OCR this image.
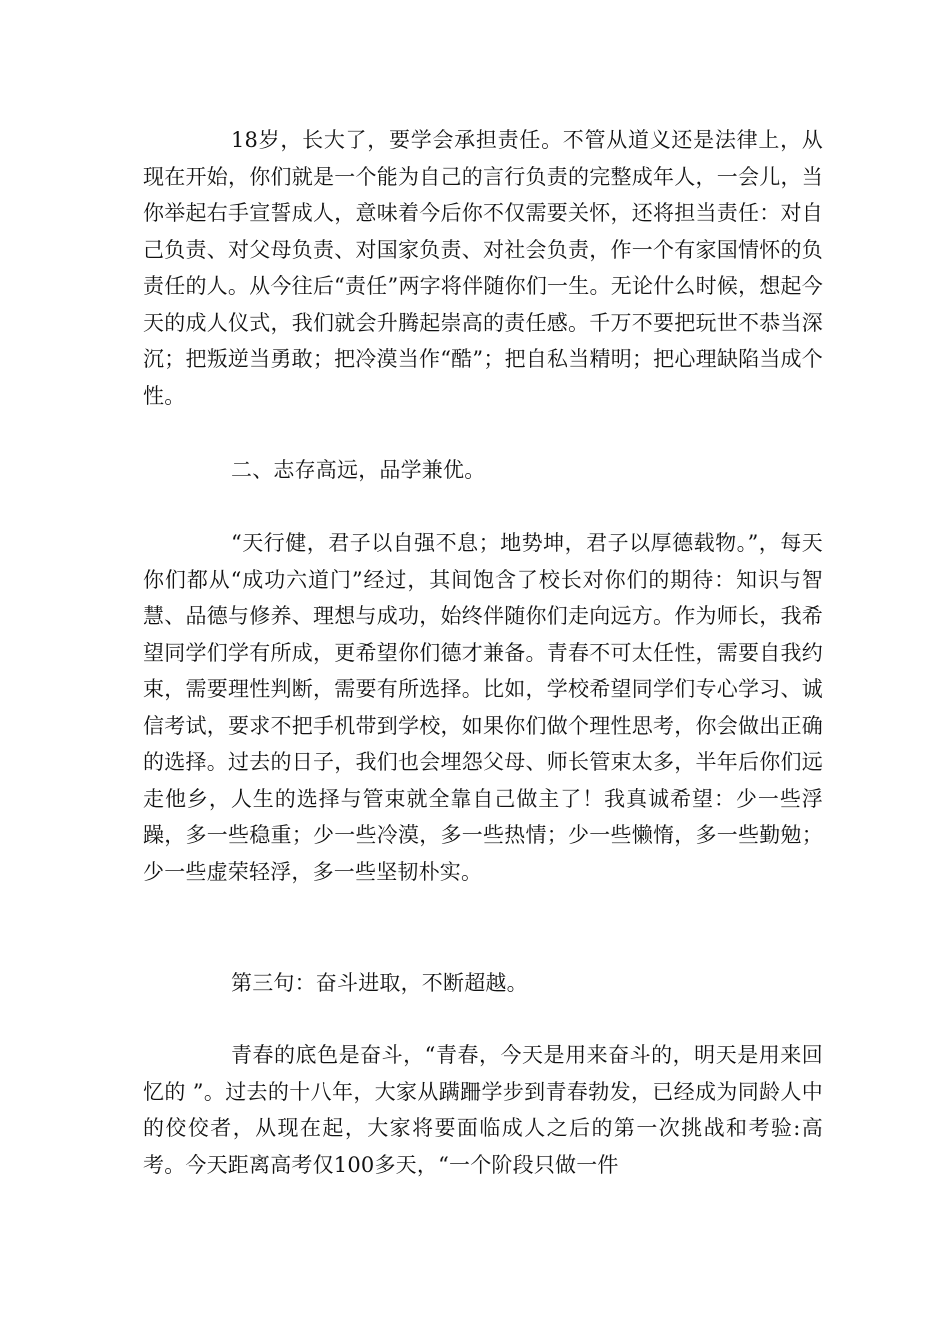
18岁，长大了，要学会承担责任。不管从道义还是法律上，从现在开始，你们就是一个能为自己的言行负责的完整成年人，一会儿，当你举起右手宣誓成人，意味着今后你不仅需要关怀，还将担当责任：对自己负责、对父母负责、对国家负责、对社会负责，作一个有家国情怀的负责任的人。从今往后“责任”两字将伴随你们一生。无论什么时候，想起今天的成人仪式，我们就会升腾起崇高的责任感。千万不要把玩世不恭当深沉；把叛逆当勇敢；把冷漠当作“酷”；把自私当精明；把心理缺陷当成个性。
二、志存高远，品学兼优。
“天行健，君子以自强不息；地势坤，君子以厚德载物。”，每天你们都从“成功六道门”经过，其间饱含了校长对你们的期待：知识与智慧、品德与修养、理想与成功，始终伴随你们走向远方。作为师长，我希望同学们学有所成，更希望你们德才兼备。青春不可太任性，需要自我约束，需要理性判断，需要有所选择。比如，学校希望同学们专心学习、诚信考试，要求不把手机带到学校，如果你们做个理性思考，你会做出正确的选择。过去的日子，我们也会埋怨父母、师长管束太多，半年后你们远走他乡，人生的选择与管束就全靠自己做主了！我真诚希望：少一些浮躁，多一些稳重；少一些冷漠，多一些热情；少一些懒惰，多一些勤勉；少一些虚荣轻浮，多一些坚韧朴实。
第三句：奋斗进取，不断超越。
青春的底色是奋斗，“青春，今天是用来奋斗的，明天是用来回忆的 ”。过去的十八年，大家从蹒跚学步到青春勃发，已经成为同龄人中的佼佼者，从现在起，大家将要面临成人之后的第一次挑战和考验:高考。今天距离高考仅100多天，“一个阶段只做一件
